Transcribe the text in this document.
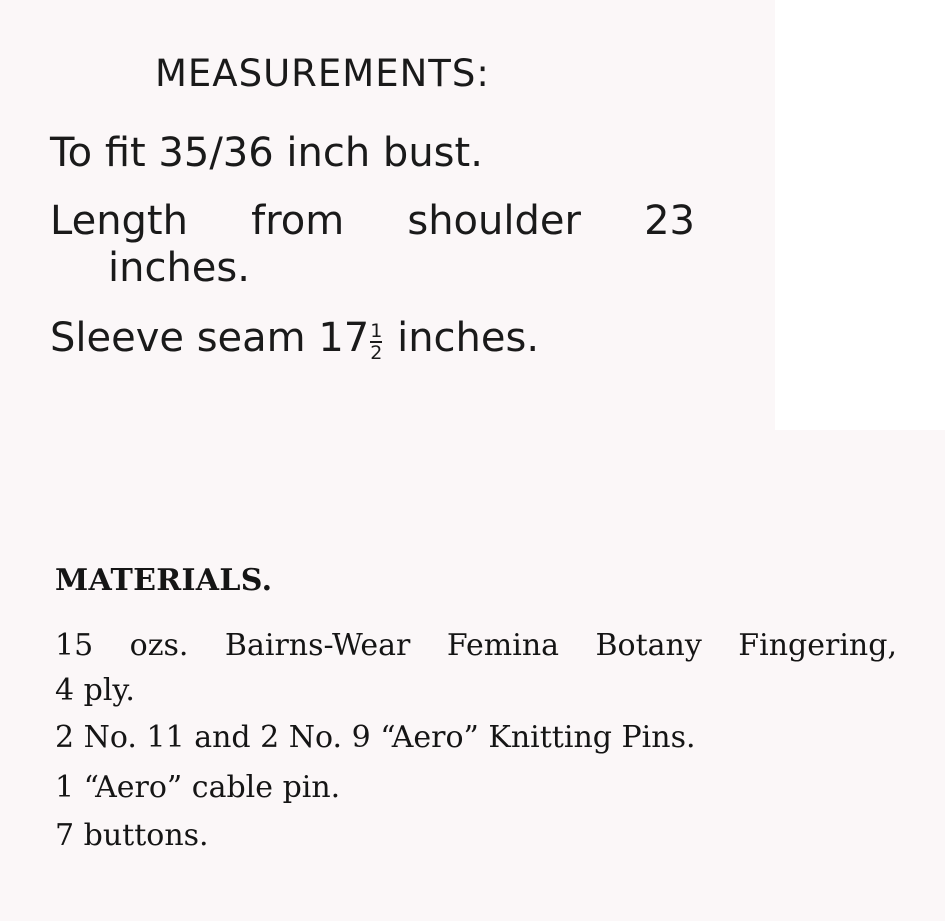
MEASUREMENTS:
To fit 35/36 inch bust.
Length from shoulder 23
inches.
Sleeve seam $17 \frac{1}{2}$ inches.
MATERIALS.
15 ozs. Bairns-Wear Femina Botany Fingering,
4 ply.
2 No. 11 and 2 No. 9 “Aero” Knitting Pins.
1 “Aero” cable pin.
7 buttons.
